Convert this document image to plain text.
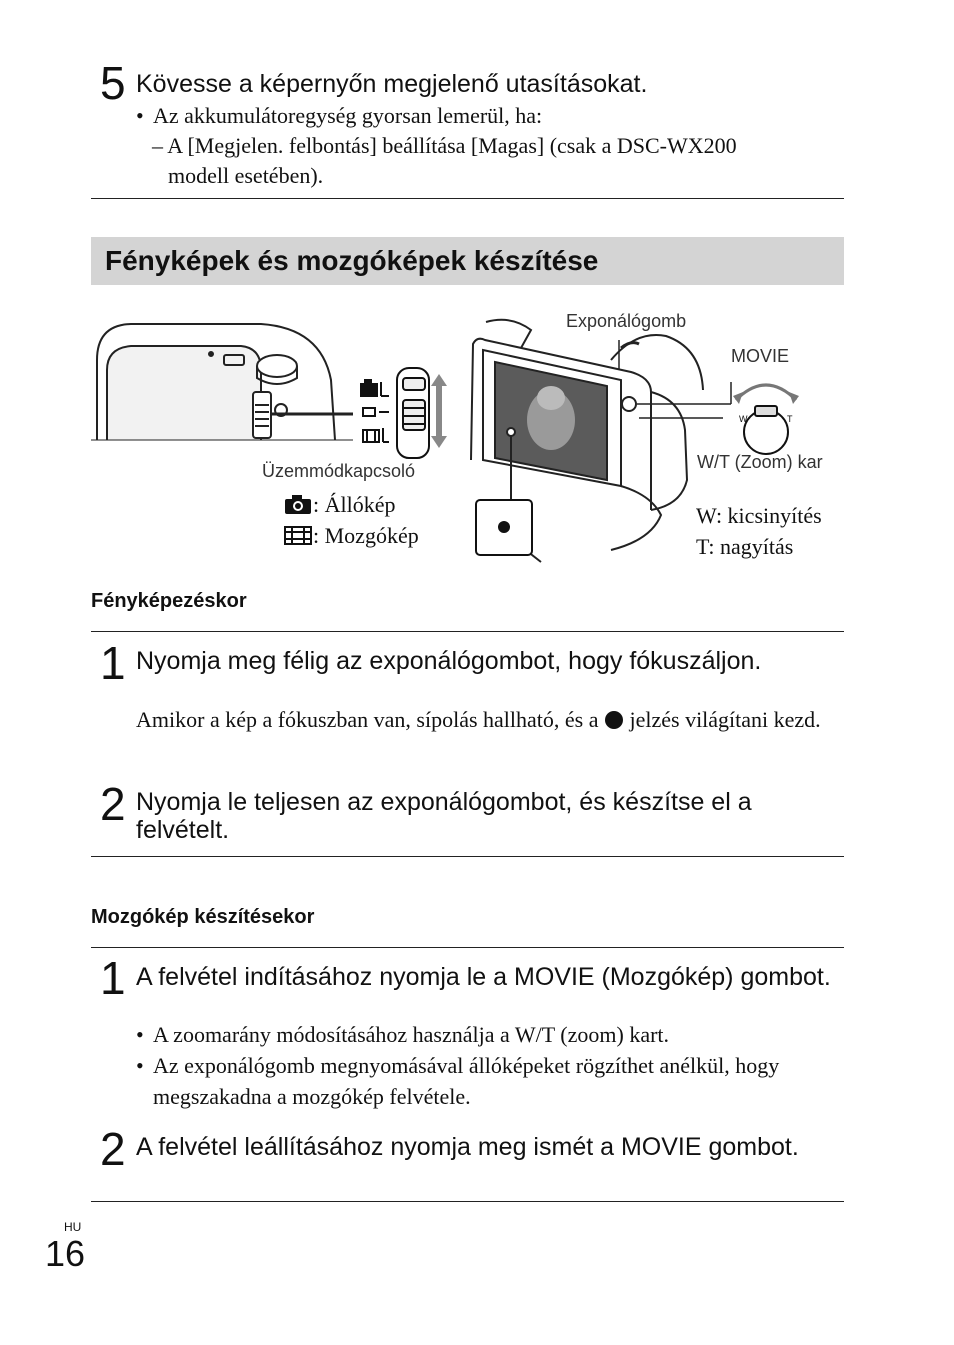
5 Kövesse a képernyőn megjelenő utasításokat.
• Az akkumulátoregység gyorsan lemerül, ha:
– A [Megjelen. felbontás] beállítása [Magas] (csak a DSC-WX200
modell esetében).
Fényképek és mozgóképek készítése
W	T
Üzemmódkapcsoló
Exponálógomb
MOVIE
W/T (Zoom) kar
: Állókép
: Mozgókép
W: kicsinyítés
T: nagyítás
Fényképezéskor
1 Nyomja meg félig az exponálógombot, hogy fókuszáljon.
Amikor a kép a fókuszban van, sípolás hallható, és a jelzés világítani kezd.
2 Nyomja le teljesen az exponálógombot, és készítse el a felvételt.
Mozgókép készítésekor
1 A felvétel indításához nyomja le a MOVIE (Mozgókép) gombot.
• A zoomarány módosításához használja a W/T (zoom) kart.
• Az exponálógomb megnyomásával állóképeket rögzíthet anélkül, hogy megszakadna a mozgókép felvétele.
2 A felvétel leállításához nyomja meg ismét a MOVIE gombot.
HU
16
